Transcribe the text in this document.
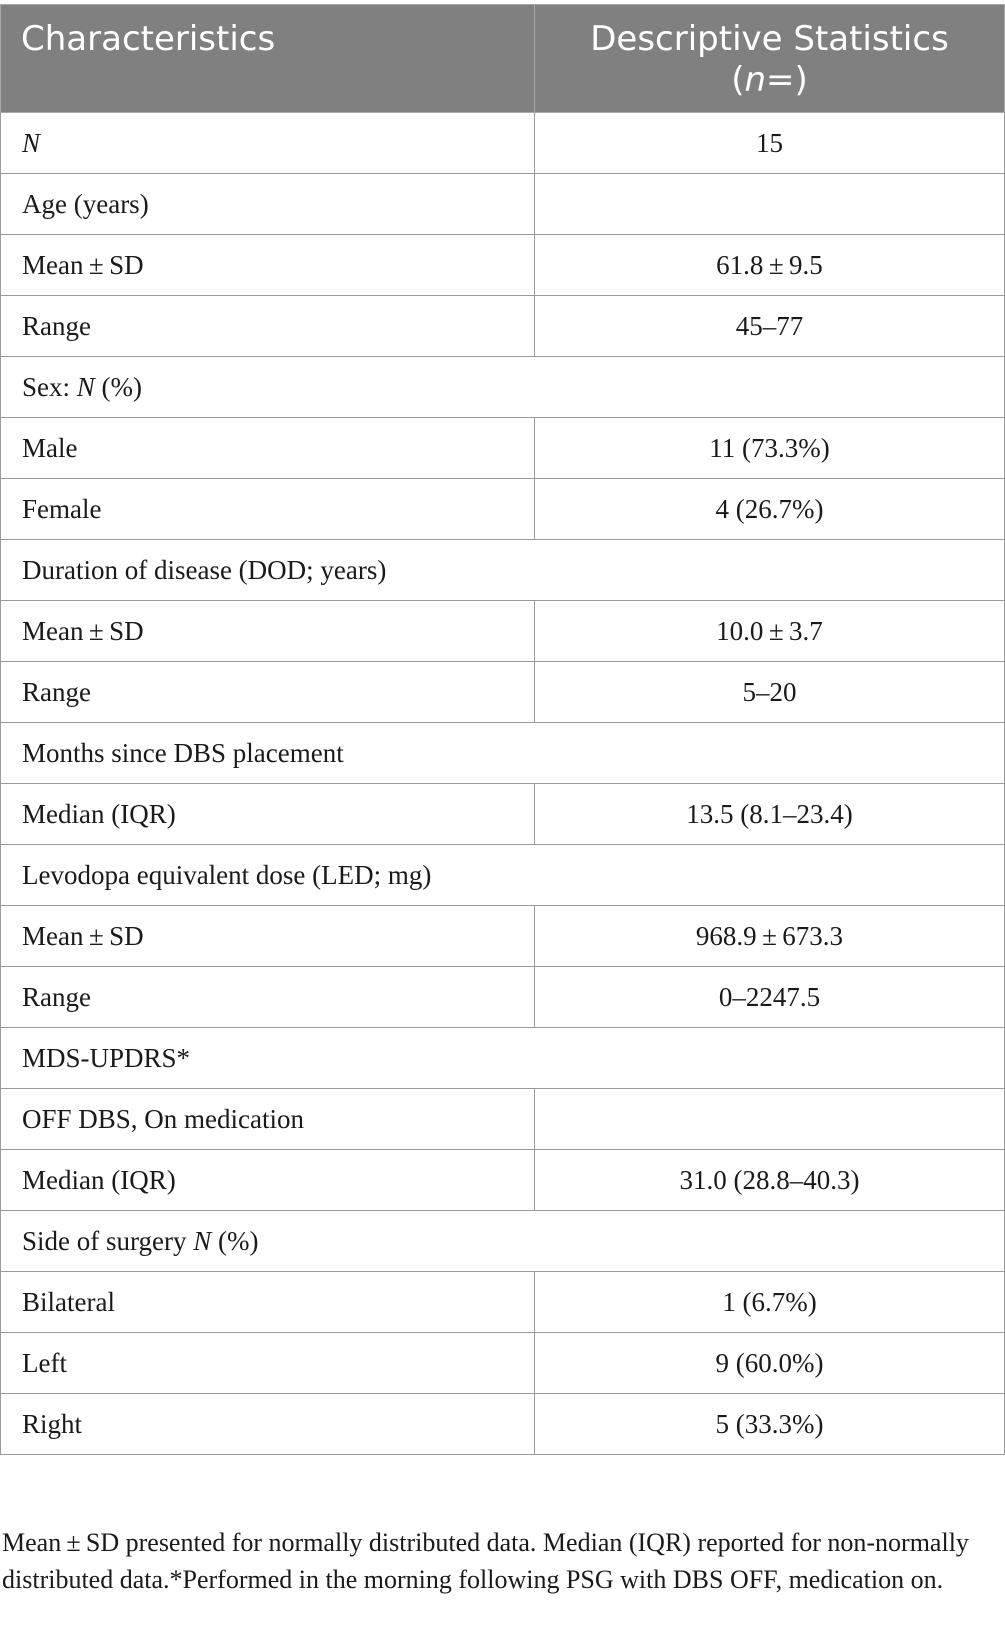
Characteristics	Descriptive Statistics
(n=)
N	15
Age (years)	
Mean ± SD	61.8 ± 9.5
Range	45–77
Sex: N (%)	
Male	11 (73.3%)
Female	4 (26.7%)
Duration of disease (DOD; years)	
Mean ± SD	10.0 ± 3.7
Range	5–20
Months since DBS placement	
Median (IQR)	13.5 (8.1–23.4)
Levodopa equivalent dose (LED; mg)	
Mean ± SD	968.9 ± 673.3
Range	0–2247.5
MDS-UPDRS*	
OFF DBS, On medication	
Median (IQR)	31.0 (28.8–40.3)
Side of surgery N (%)	
Bilateral	1 (6.7%)
Left	9 (60.0%)
Right	5 (33.3%)
Mean ± SD presented for normally distributed data. Median (IQR) reported for non-normally distributed data.*Performed in the morning following PSG with DBS OFF, medication on.
